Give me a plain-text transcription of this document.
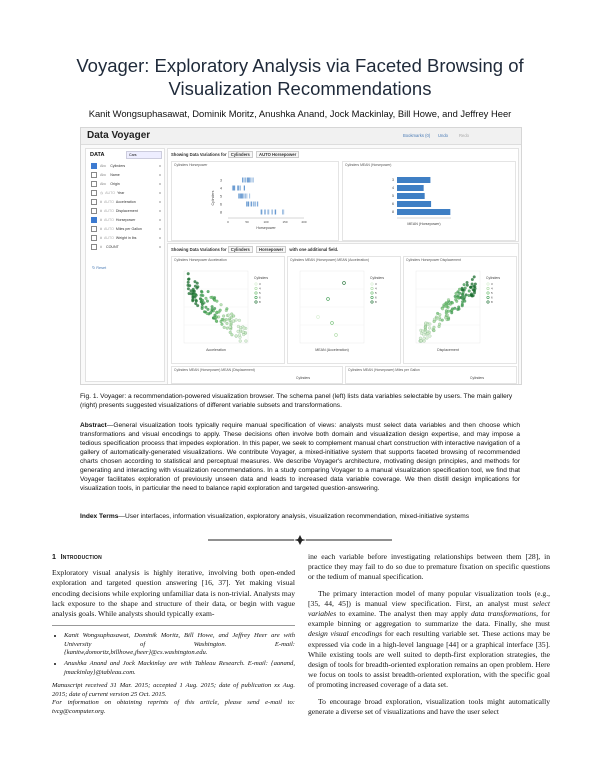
Voyager: Exploratory Analysis via Faceted Browsing of
Visualization Recommendations
Kanit Wongsuphasawat, Dominik Moritz, Anushka Anand, Jock Mackinlay, Bill Howe, and Jeffrey Heer
Data Voyager	Bookmarks (0) Undo	Redo
DATA	Cars
Abc Cylinders
Abc Name
Abc Origin
◷ AUTO Year
# AUTO Acceleration
# AUTO Displacement
# AUTO Horsepower
# AUTO Miles per Gallon
# AUTO Weight in lbs
# COUNT
↻ Reset
Showing Data Variations for Cylinders AUTO Horsepower
Cylinders Horsepower
3
4
5
6
8
0	50	100	150	200
Horsepower
Cylinders
Cylinders MEAN (Horsepower)
3
4
5
6
8
MEAN (Horsepower)
Showing Data Variations for Cylinders Horsepower with one additional field.
Cylinders Horsepower Acceleration
Acceleration
Cylinders
3
4
5
6
8
Cylinders MEAN (Horsepower) MEAN (Acceleration)
MEAN (Acceleration)
Cylinders
3
4
5
6
8
Cylinders Horsepower Displacement
Displacement
Cylinders
3
4
5
6
8
Cylinders MEAN (Horsepower) MEAN (Displacement)
Cylinders
Cylinders MEAN (Horsepower) Miles per Gallon
Cylinders
Fig. 1. Voyager: a recommendation-powered visualization browser. The schema panel (left) lists data variables selectable by users. The main gallery (right) presents suggested visualizations of different variable subsets and transformations.
Abstract—General visualization tools typically require manual specification of views: analysts must select data variables and then choose which transformations and visual encodings to apply. These decisions often involve both domain and visualization design expertise, and may impose a tedious specification process that impedes exploration. In this paper, we seek to complement manual chart construction with interactive navigation of a gallery of automatically-generated visualizations. We contribute Voyager, a mixed-initiative system that supports faceted browsing of recommended charts chosen according to statistical and perceptual measures. We describe Voyager's architecture, motivating design principles, and methods for generating and interacting with visualization recommendations. In a study comparing Voyager to a manual visualization specification tool, we find that Voyager facilitates exploration of previously unseen data and leads to increased data variable coverage. We then distill design implications for visualization tools, in particular the need to balance rapid exploration and targeted question-answering.
Index Terms—User interfaces, information visualization, exploratory analysis, visualization recommendation, mixed-initiative systems
1 Introduction

Exploratory visual analysis is highly iterative, involving both open-ended exploration and targeted question answering [16, 37]. Yet making visual encoding decisions while exploring unfamiliar data is non-trivial. Analysts may lack exposure to the shape and structure of their data, or begin with vague analysis goals. While analysts should typically exam-

• Kanit Wongsuphasawat, Dominik Moritz, Bill Howe, and Jeffrey Heer are with University of Washington. E-mail: {kanitw,domoritz,billhowe,jheer}@cs.washington.edu.
• Anushka Anand and Jock Mackinlay are with Tableau Research. E-mail: {aanand, jmackinlay}@tableau.com.
Manuscript received 31 Mar. 2015; accepted 1 Aug. 2015; date of publication xx Aug. 2015; date of current version 25 Oct. 2015.
For information on obtaining reprints of this article, please send e-mail to: tvcg@computer.org.

ine each variable before investigating relationships between them [28], in practice they may fail to do so due to premature fixation on specific questions or the tedium of manual specification.

The primary interaction model of many popular visualization tools (e.g., [35, 44, 45]) is manual view specification. First, an analyst must select variables to examine. The analyst then may apply data transformations, for example binning or aggregation to summarize the data. Finally, she must design visual encodings for each resulting variable set. These actions may be expressed via code in a high-level language [44] or a graphical interface [35]. While existing tools are well suited to depth-first exploration strategies, the design of tools for breadth-oriented exploration remains an open problem. Here we focus on tools to assist breadth-oriented exploration, with the specific goal of promoting increased coverage of a data set.

To encourage broad exploration, visualization tools might automatically generate a diverse set of visualizations and have the user select
